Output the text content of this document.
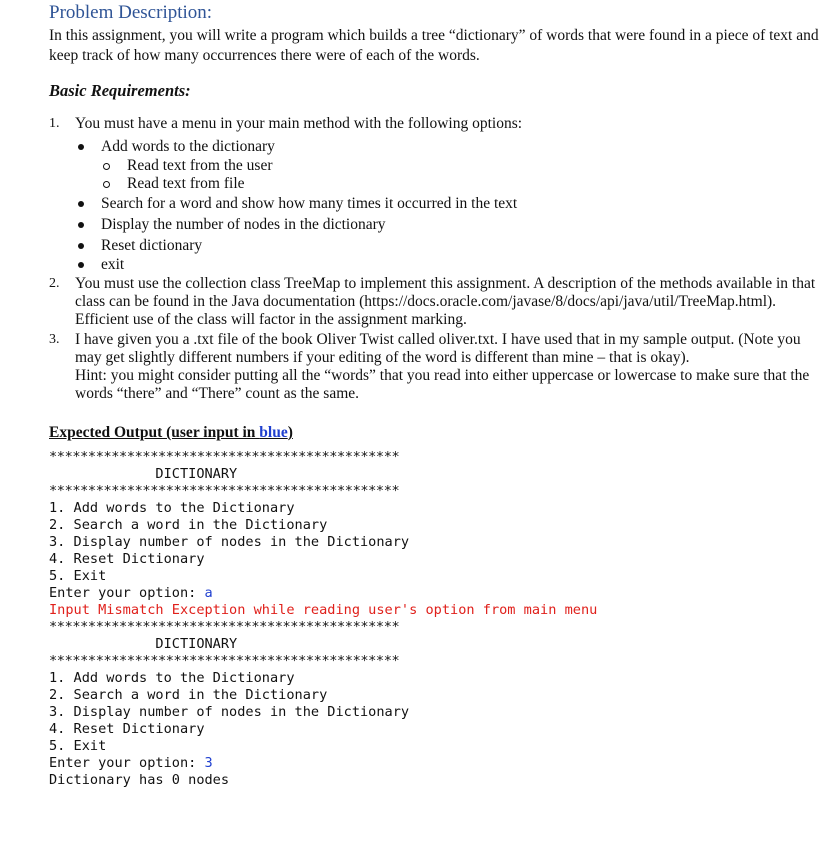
Problem Description:
In this assignment, you will write a program which builds a tree “dictionary” of words that were found in a piece of text and keep track of how many occurrences there were of each of the words.
Basic Requirements:
1. You must have a menu in your main method with the following options:
Add words to the dictionary
Read text from the user
Read text from file
Search for a word and show how many times it occurred in the text
Display the number of nodes in the dictionary
Reset dictionary
exit
2. You must use the collection class TreeMap to implement this assignment. A description of the methods available in that class can be found in the Java documentation (https://docs.oracle.com/javase/8/docs/api/java/util/TreeMap.html). Efficient use of the class will factor in the assignment marking.
3. I have given you a .txt file of the book Oliver Twist called oliver.txt. I have used that in my sample output. (Note you may get slightly different numbers if your editing of the word is different than mine – that is okay).
Hint: you might consider putting all the “words” that you read into either uppercase or lowercase to make sure that the words “there” and “There” count as the same.
Expected Output (user input in blue)
*********************************************
DICTIONARY
*********************************************
1. Add words to the Dictionary
2. Search a word in the Dictionary
3. Display number of nodes in the Dictionary
4. Reset Dictionary
5. Exit
Enter your option: a
Input Mismatch Exception while reading user's option from main menu
*********************************************
DICTIONARY
*********************************************
1. Add words to the Dictionary
2. Search a word in the Dictionary
3. Display number of nodes in the Dictionary
4. Reset Dictionary
5. Exit
Enter your option: 3
Dictionary has 0 nodes
